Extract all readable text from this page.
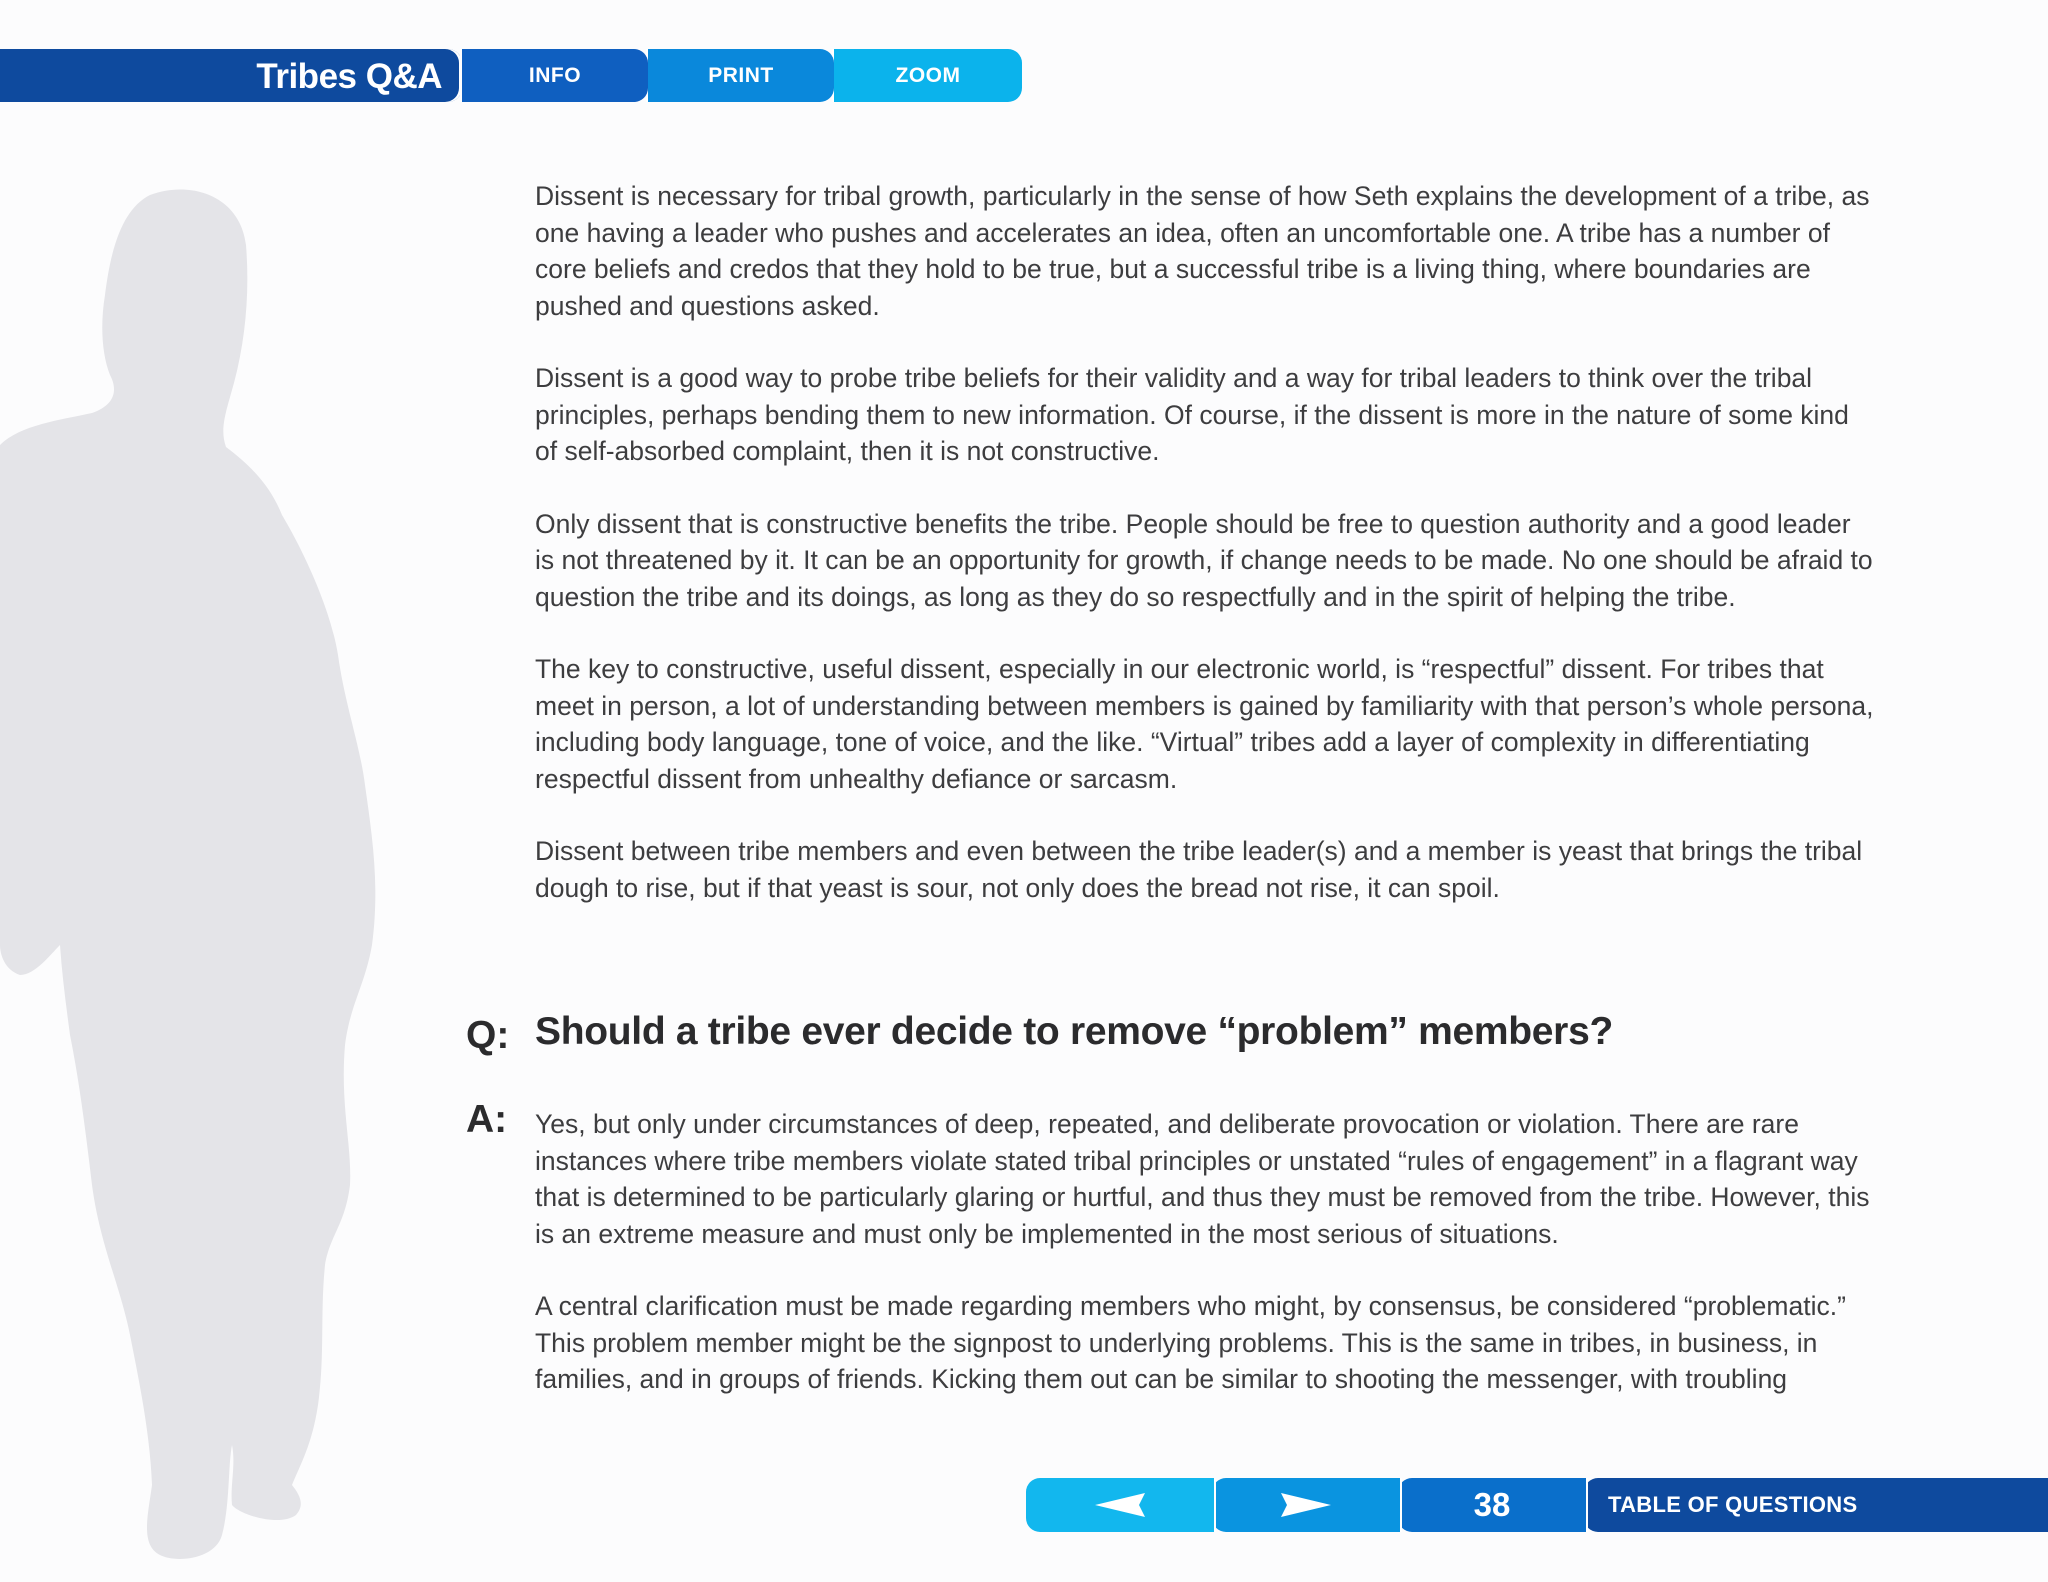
Tribes Q&A	INFO	PRINT	ZOOM

Dissent is necessary for tribal growth, particularly in the sense of how Seth explains the development of a tribe, as one having a leader who pushes and accelerates an idea, often an uncomfortable one. A tribe has a number of core beliefs and credos that they hold to be true, but a successful tribe is a living thing, where boundaries are pushed and questions asked.

Dissent is a good way to probe tribe beliefs for their validity and a way for tribal leaders to think over the tribal principles, perhaps bending them to new information. Of course, if the dissent is more in the nature of some kind of self-absorbed complaint, then it is not constructive.

Only dissent that is constructive benefits the tribe. People should be free to question authority and a good leader is not threatened by it. It can be an opportunity for growth, if change needs to be made. No one should be afraid to question the tribe and its doings, as long as they do so respectfully and in the spirit of helping the tribe.

The key to constructive, useful dissent, especially in our electronic world, is “respectful” dissent. For tribes that meet in person, a lot of understanding between members is gained by familiarity with that person’s whole persona, including body language, tone of voice, and the like. “Virtual” tribes add a layer of complexity in differentiating respectful dissent from unhealthy defiance or sarcasm.

Dissent between tribe members and even between the tribe leader(s) and a member is yeast that brings the tribal dough to rise, but if that yeast is sour, not only does the bread not rise, it can spoil.

Q: Should a tribe ever decide to remove “problem” members?
A: Yes, but only under circumstances of deep, repeated, and deliberate provocation or violation. There are rare instances where tribe members violate stated tribal principles or unstated “rules of engagement” in a flagrant way that is determined to be particularly glaring or hurtful, and thus they must be removed from the tribe. However, this is an extreme measure and must only be implemented in the most serious of situations.

A central clarification must be made regarding members who might, by consensus, be considered “problematic.” This problem member might be the signpost to underlying problems. This is the same in tribes, in business, in families, and in groups of friends. Kicking them out can be similar to shooting the messenger, with troubling

38	TABLE OF QUESTIONS
